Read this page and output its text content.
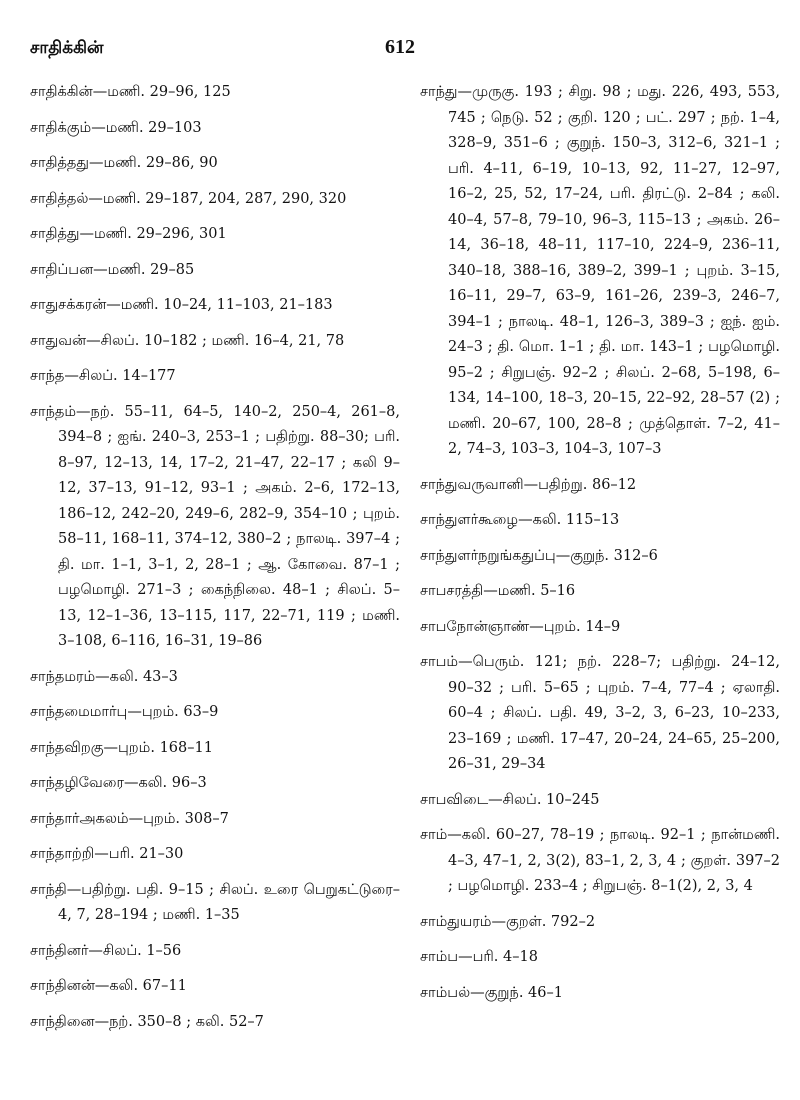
சாதிக்கின்	612
சாதிக்கின்—மணி. 29–96, 125
சாதிக்கும்—மணி. 29–103
சாதித்தது—மணி. 29–86, 90
சாதித்தல்—மணி. 29–187, 204, 287, 290, 320
சாதித்து—மணி. 29–296, 301
சாதிப்பன—மணி. 29–85
சாதுசக்கரன்—மணி. 10–24, 11–103, 21–183
சாதுவன்—சிலப். 10–182 ; மணி. 16–4, 21, 78
சாந்த—சிலப். 14–177
சாந்தம்—நற். 55–11, 64–5, 140–2, 250–4, 261–8, 394–8 ; ஐங். 240–3, 253–1 ; பதிற்று. 88–30; பரி. 8–97, 12–13, 14, 17–2, 21–47, 22–17 ; கலி 9–12, 37–13, 91–12, 93–1 ; அகம். 2–6, 172–13, 186–12, 242–20, 249–6, 282–9, 354–10 ; புறம். 58–11, 168–11, 374–12, 380–2 ; நாலடி. 397–4 ; தி. மா. 1–1, 3–1, 2, 28–1 ; ஆ. கோவை. 87–1 ; பழமொழி. 271–3 ; கைந்நிலை. 48–1 ; சிலப். 5–13, 12–1–36, 13–115, 117, 22–71, 119 ; மணி. 3–108, 6–116, 16–31, 19–86
சாந்தமரம்—கலி. 43–3
சாந்தமைமார்பு—புறம். 63–9
சாந்தவிறகு—புறம். 168–11
சாந்தழிவேரை—கலி. 96–3
சாந்தார்அகலம்—புறம். 308–7
சாந்தாற்றி—பரி. 21–30
சாந்தி—பதிற்று. பதி. 9–15 ; சிலப். உரை பெறுகட்டுரை–4, 7, 28–194 ; மணி. 1–35
சாந்தினர்—சிலப். 1–56
சாந்தினன்—கலி. 67–11
சாந்தினை—நற். 350–8 ; கலி. 52–7
சாந்து—முருகு. 193 ; சிறு. 98 ; மது. 226, 493, 553, 745 ; நெடு. 52 ; குறி. 120 ; பட். 297 ; நற். 1–4, 328–9, 351–6 ; குறுந். 150–3, 312–6, 321–1 ; பரி. 4–11, 6–19, 10–13, 92, 11–27, 12–97, 16–2, 25, 52, 17–24, பரி. திரட்டு. 2–84 ; கலி. 40–4, 57–8, 79–10, 96–3, 115–13 ; அகம். 26–14, 36–18, 48–11, 117–10, 224–9, 236–11, 340–18, 388–16, 389–2, 399–1 ; புறம். 3–15, 16–11, 29–7, 63–9, 161–26, 239–3, 246–7, 394–1 ; நாலடி. 48–1, 126–3, 389–3 ; ஐந். ஐம். 24–3 ; தி. மொ. 1–1 ; தி. மா. 143–1 ; பழமொழி. 95–2 ; சிறுபஞ். 92–2 ; சிலப். 2–68, 5–198, 6–134, 14–100, 18–3, 20–15, 22–92, 28–57 (2) ; மணி. 20–67, 100, 28–8 ; முத்தொள். 7–2, 41–2, 74–3, 103–3, 104–3, 107–3
சாந்துவருவானி—பதிற்று. 86–12
சாந்துளர்கூழை—கலி. 115–13
சாந்துளர்நறுங்கதுப்பு—குறுந். 312–6
சாபசரத்தி—மணி. 5–16
சாபநோன்ஞாண்—புறம். 14–9
சாபம்—பெரும். 121; நற். 228–7; பதிற்று. 24–12, 90–32 ; பரி. 5–65 ; புறம். 7–4, 77–4 ; ஏலாதி. 60–4 ; சிலப். பதி. 49, 3–2, 3, 6–23, 10–233, 23–169 ; மணி. 17–47, 20–24, 24–65, 25–200, 26–31, 29–34
சாபவிடை—சிலப். 10–245
சாம்—கலி. 60–27, 78–19 ; நாலடி. 92–1 ; நான்மணி. 4–3, 47–1, 2, 3(2), 83–1, 2, 3, 4 ; குறள். 397–2 ; பழமொழி. 233–4 ; சிறுபஞ். 8–1(2), 2, 3, 4
சாம்துயரம்—குறள். 792–2
சாம்ப—பரி. 4–18
சாம்பல்—குறுந். 46–1
